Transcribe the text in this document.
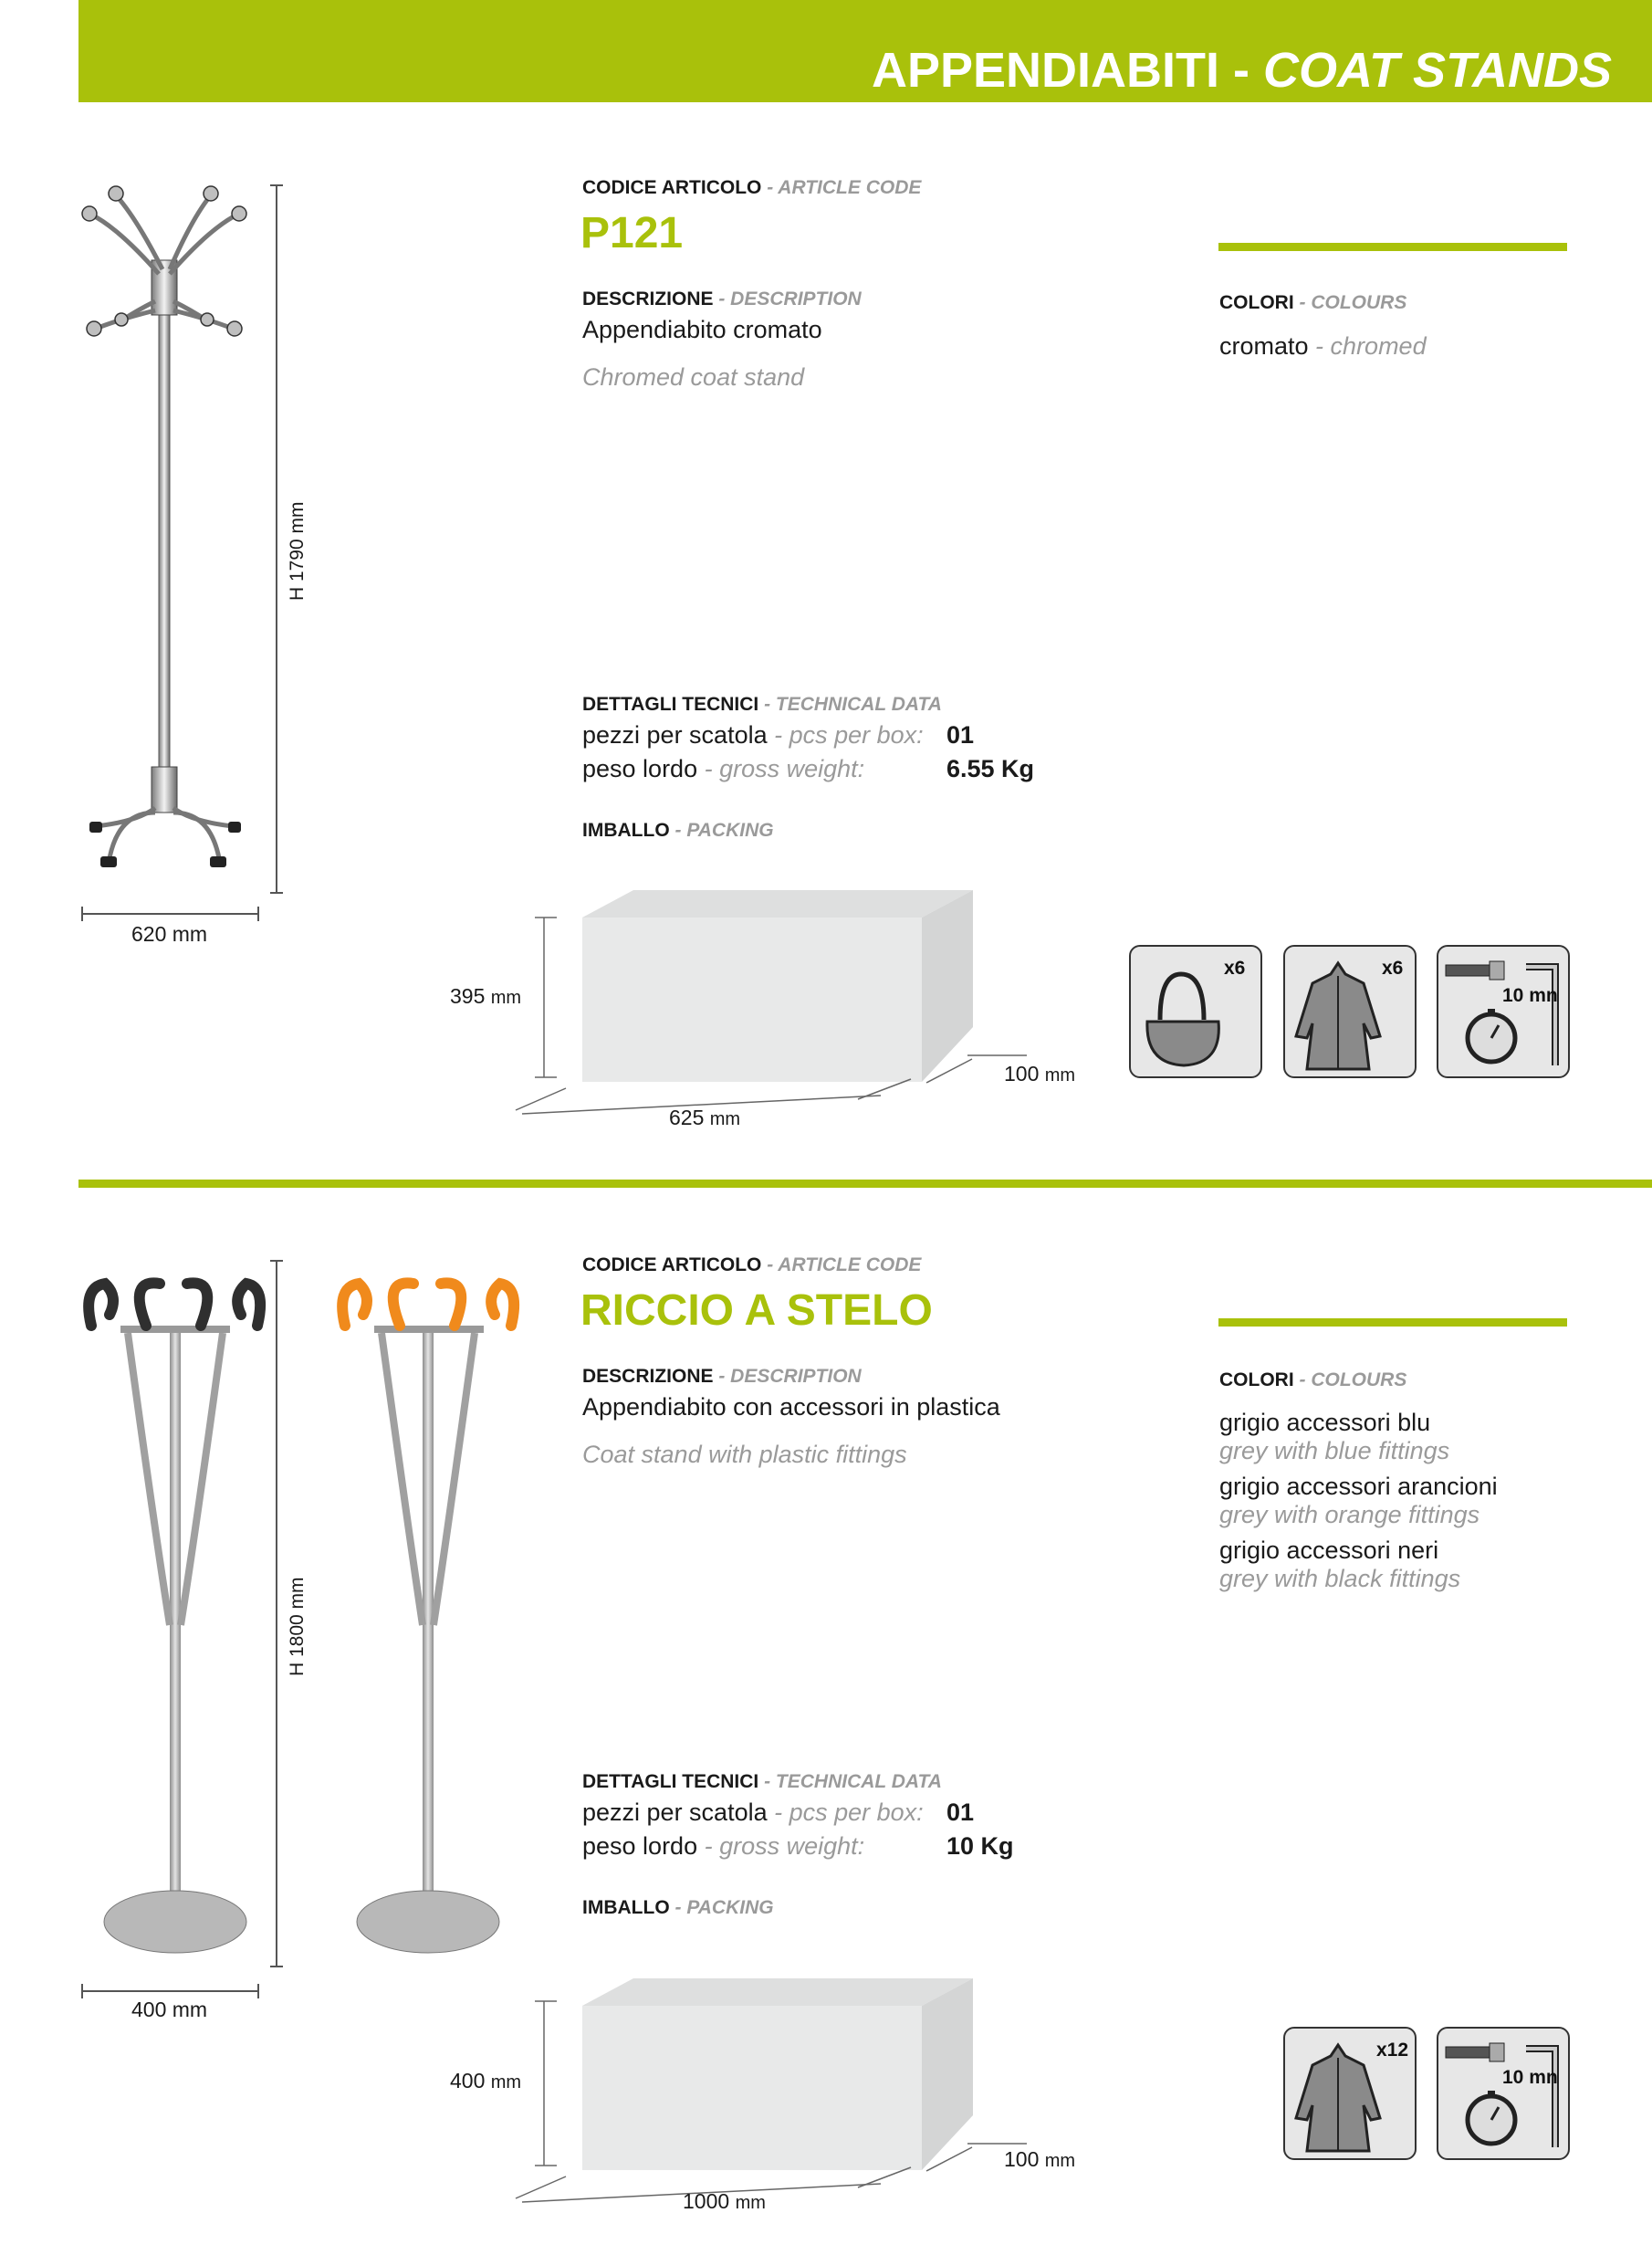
APPENDIABITI - COAT STANDS
H 1790 mm
620 mm
CODICE ARTICOLO - ARTICLE CODE
P121
DESCRIZIONE - DESCRIPTION
Appendiabito cromato
Chromed coat stand
COLORI - COLOURS
cromato - chromed
DETTAGLI TECNICI - TECHNICAL DATA
pezzi per scatola - pcs per box: 01
peso lordo - gross weight:	6.55 Kg
IMBALLO - PACKING
395 mm
625 mm
100 mm
x6	x6
10 mn
H 1800 mm
400 mm
CODICE ARTICOLO - ARTICLE CODE
RICCIO A STELO
DESCRIZIONE - DESCRIPTION
Appendiabito con accessori in plastica
Coat stand with plastic fittings
COLORI - COLOURS
grigio accessori blu
grey with blue fittings
grigio accessori arancioni
grey with orange fittings
grigio accessori neri
grey with black fittings
DETTAGLI TECNICI - TECHNICAL DATA
pezzi per scatola - pcs per box: 01
peso lordo - gross weight:	10 Kg
IMBALLO - PACKING
400 mm
1000 mm
100 mm
x12
10 mn
